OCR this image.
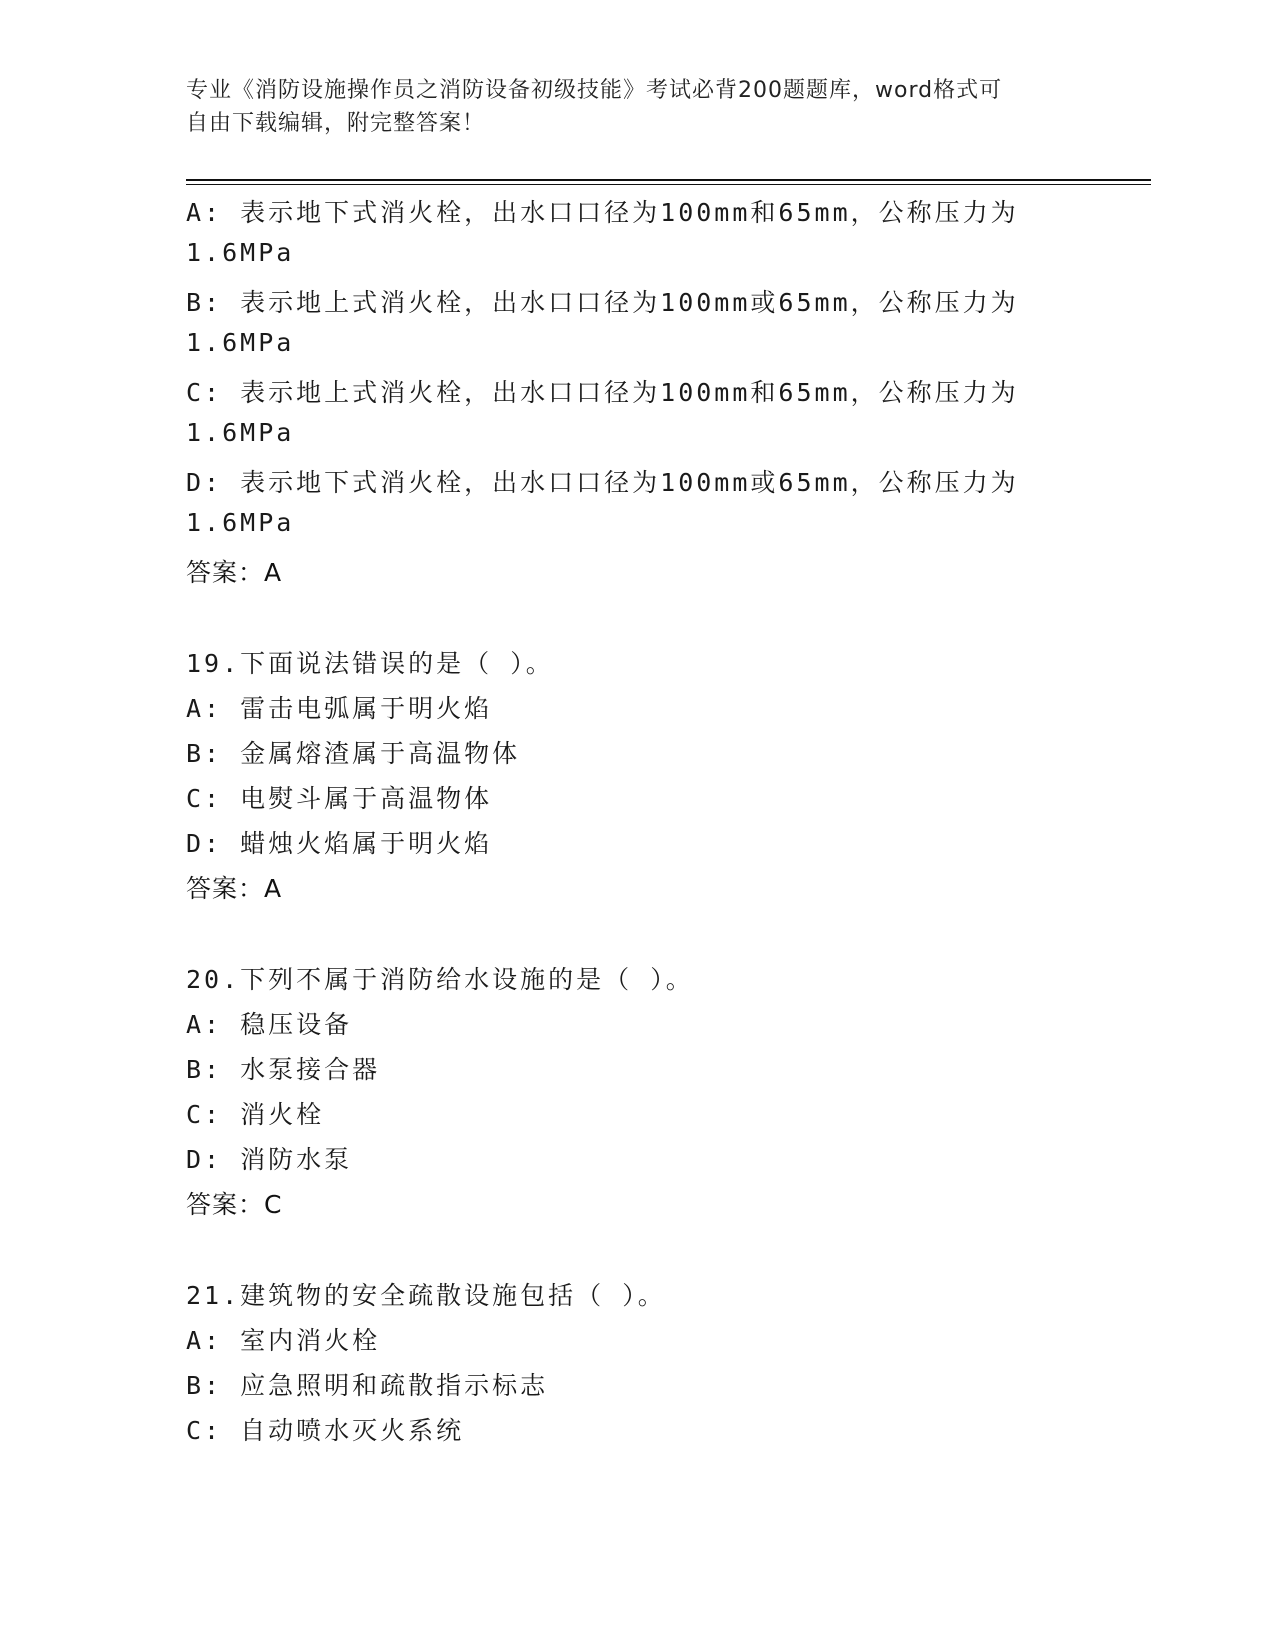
专业《消防设施操作员之消防设备初级技能》考试必背200题题库，word格式可
自由下载编辑，附完整答案！
A: 表示地下式消火栓，出水口口径为100mm和65mm，公称压力为
1.6MPa
B: 表示地上式消火栓，出水口口径为100mm或65mm，公称压力为
1.6MPa
C: 表示地上式消火栓，出水口口径为100mm和65mm，公称压力为
1.6MPa
D: 表示地下式消火栓，出水口口径为100mm或65mm，公称压力为
1.6MPa
答案：A
19.下面说法错误的是（ ）。
A: 雷击电弧属于明火焰
B: 金属熔渣属于高温物体
C: 电熨斗属于高温物体
D: 蜡烛火焰属于明火焰
答案：A
20.下列不属于消防给水设施的是（ ）。
A: 稳压设备
B: 水泵接合器
C: 消火栓
D: 消防水泵
答案：C
21.建筑物的安全疏散设施包括（ ）。
A: 室内消火栓
B: 应急照明和疏散指示标志
C: 自动喷水灭火系统
